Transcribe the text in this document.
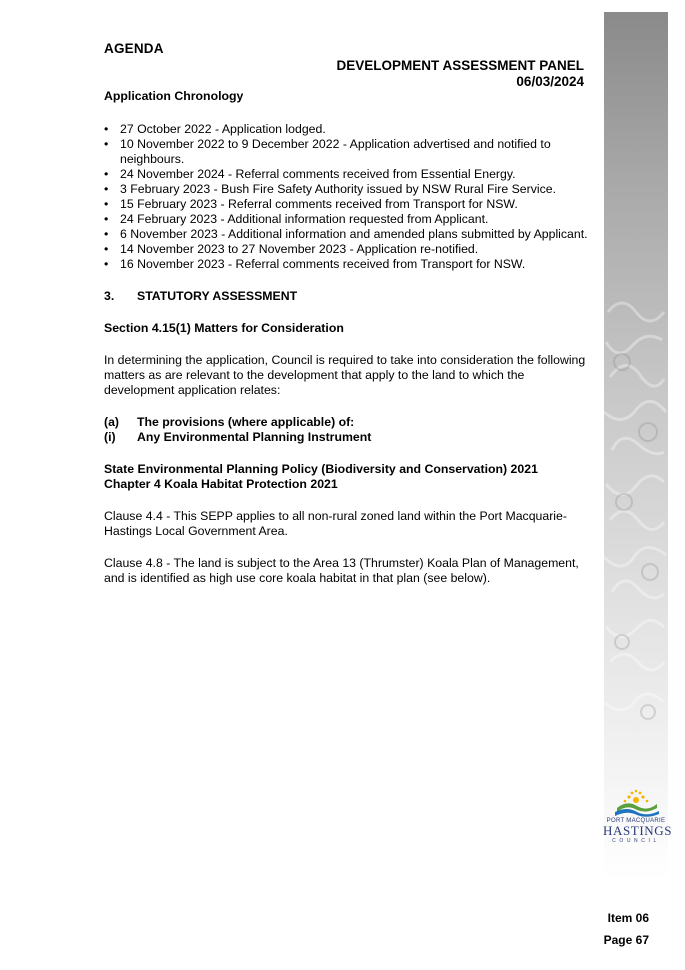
AGENDA
DEVELOPMENT ASSESSMENT PANEL
06/03/2024

Application Chronology

• 27 October 2022 - Application lodged.
• 10 November 2022 to 9 December 2022 - Application advertised and notified to neighbours.
• 24 November 2024 - Referral comments received from Essential Energy.
• 3 February 2023 - Bush Fire Safety Authority issued by NSW Rural Fire Service.
• 15 February 2023 - Referral comments received from Transport for NSW.
• 24 February 2023 - Additional information requested from Applicant.
• 6 November 2023 - Additional information and amended plans submitted by Applicant.
• 14 November 2023 to 27 November 2023 - Application re-notified.
• 16 November 2023 - Referral comments received from Transport for NSW.
3.	STATUTORY ASSESSMENT

Section 4.15(1) Matters for Consideration

In determining the application, Council is required to take into consideration the following matters as are relevant to the development that apply to the land to which the development application relates:

(a)	The provisions (where applicable) of:
(i)	Any Environmental Planning Instrument
State Environmental Planning Policy (Biodiversity and Conservation) 2021
Chapter 4 Koala Habitat Protection 2021

Clause 4.4 - This SEPP applies to all non-rural zoned land within the Port Macquarie-Hastings Local Government Area.

Clause 4.8 - The land is subject to the Area 13 (Thrumster) Koala Plan of Management, and is identified as high use core koala habitat in that plan (see below).

PORT MACQUARIE
HASTINGS
COUNCIL
Item 06
Page 67
